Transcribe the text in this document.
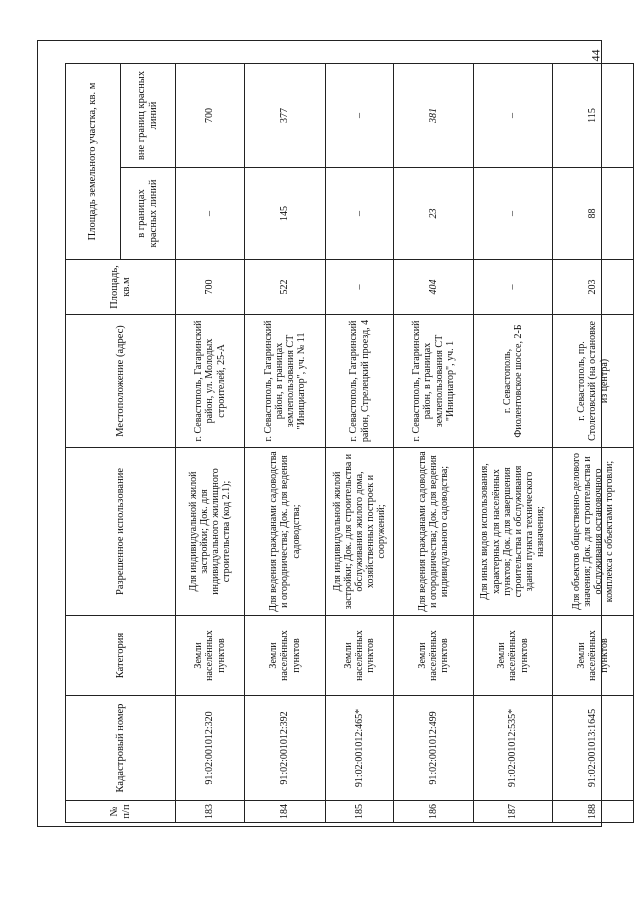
44
№ п/п	Кадастровый номер	Категория	Разрешенное использование	Местоположение (адрес)	Площадь, кв.м	Площадь земельного участка, кв. м	
						в границах красных линий	вне границ красных линий
183	91:02:001012:320	Земли населённых пунктов	Для индивидуальной жилой застройки; Док. для индивидуального жилищного строительства (код 2.1);	г. Севастополь, Гагаринский район, ул. Молодых строителей, 25-А	700	–	700
184	91:02:001012:392	Земли населённых пунктов	Для ведения гражданами садоводства и огородничества; Док. для ведения садоводства;	г. Севастополь, Гагаринский район, в границах землепользования СТ "Инициатор", уч. № 11	522	145	377
185	91:02:001012:465*	Земли населённых пунктов	Для индивидуальной жилой застройки; Док. для строительства и обслуживания жилого дома, хозяйственных построек и сооружений;	г. Севастополь, Гагаринский район, Стрелецкий проезд, 4	–	–	–
186	91:02:001012:499	Земли населённых пунктов	Для ведения гражданами садоводства и огородничества; Док. для ведения индивидуального садоводства;	г. Севастополь, Гагаринский район, в границах землепользования СТ "Инициатор", уч. 1	404	23	381
187	91:02:001012:535*	Земли населённых пунктов	Для иных видов использования, характерных для населённых пунктов; Док. для завершения строительства и обслуживания здания пункта технического назначения;	г. Севастополь, Фиолентовское шоссе, 2-Б	–	–	–
188	91:02:001013:1645	Земли населённых пунктов	Для объектов общественно-делового значения; Док. для строительства и обслуживания остановочного комплекса с объектами торговли;	г. Севастополь, пр. Столетовский (на остановке из центра)	203	88	115
